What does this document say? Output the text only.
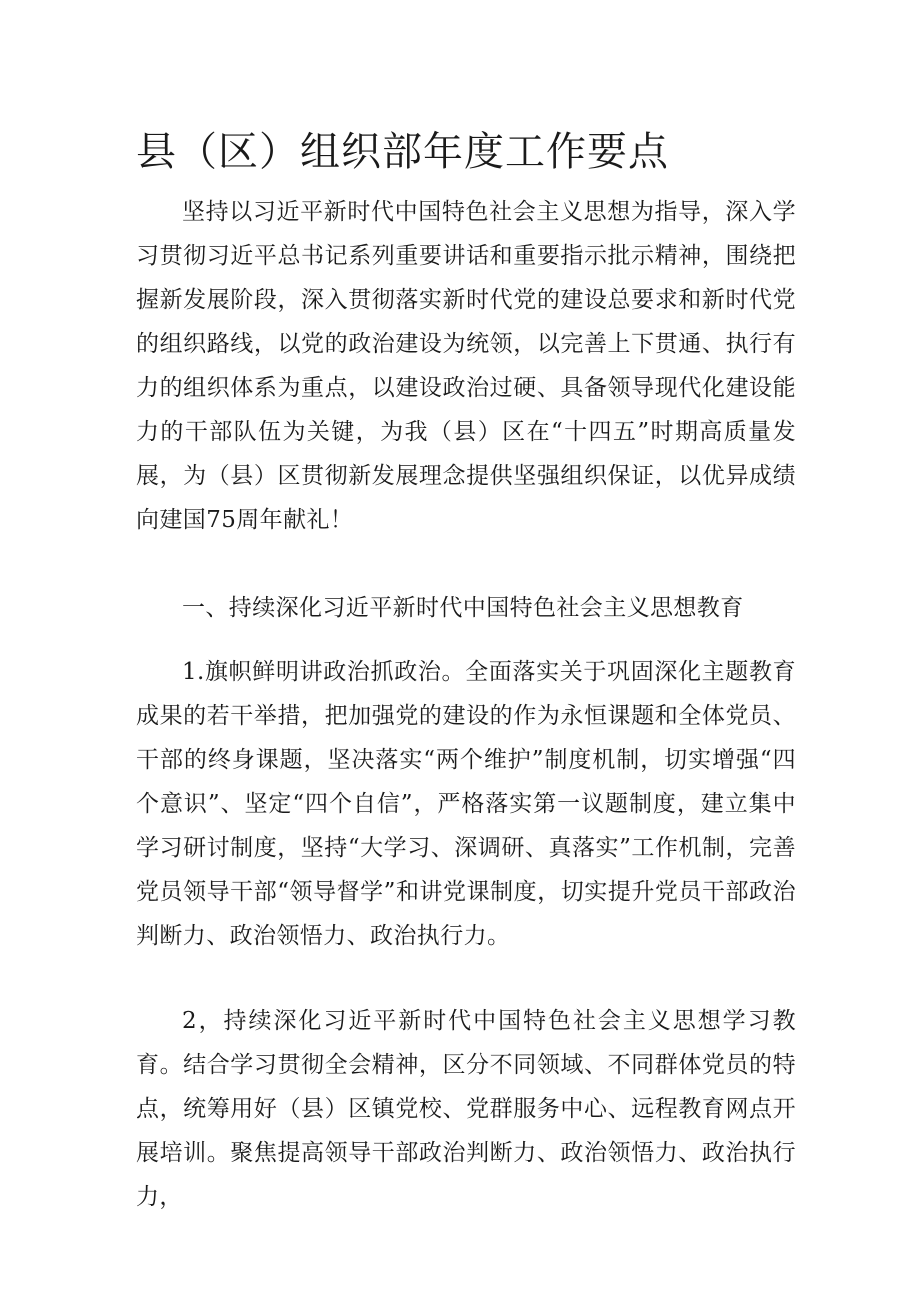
县（区）组织部年度工作要点

坚持以习近平新时代中国特色社会主义思想为指导，深入学习贯彻习近平总书记系列重要讲话和重要指示批示精神，围绕把握新发展阶段，深入贯彻落实新时代党的建设总要求和新时代党的组织路线，以党的政治建设为统领，以完善上下贯通、执行有力的组织体系为重点，以建设政治过硬、具备领导现代化建设能力的干部队伍为关键，为我（县）区在“十四五”时期高质量发展，为（县）区贯彻新发展理念提供坚强组织保证，以优异成绩向建国75周年献礼！

一、持续深化习近平新时代中国特色社会主义思想教育

1.旗帜鲜明讲政治抓政治。全面落实关于巩固深化主题教育成果的若干举措，把加强党的建设的作为永恒课题和全体党员、干部的终身课题，坚决落实“两个维护”制度机制，切实增强“四个意识”、坚定“四个自信”，严格落实第一议题制度，建立集中学习研讨制度，坚持“大学习、深调研、真落实”工作机制，完善党员领导干部“领导督学”和讲党课制度，切实提升党员干部政治判断力、政治领悟力、政治执行力。

2，持续深化习近平新时代中国特色社会主义思想学习教育。结合学习贯彻全会精神，区分不同领域、不同群体党员的特点，统筹用好（县）区镇党校、党群服务中心、远程教育网点开展培训。聚焦提高领导干部政治判断力、政治领悟力、政治执行力，
